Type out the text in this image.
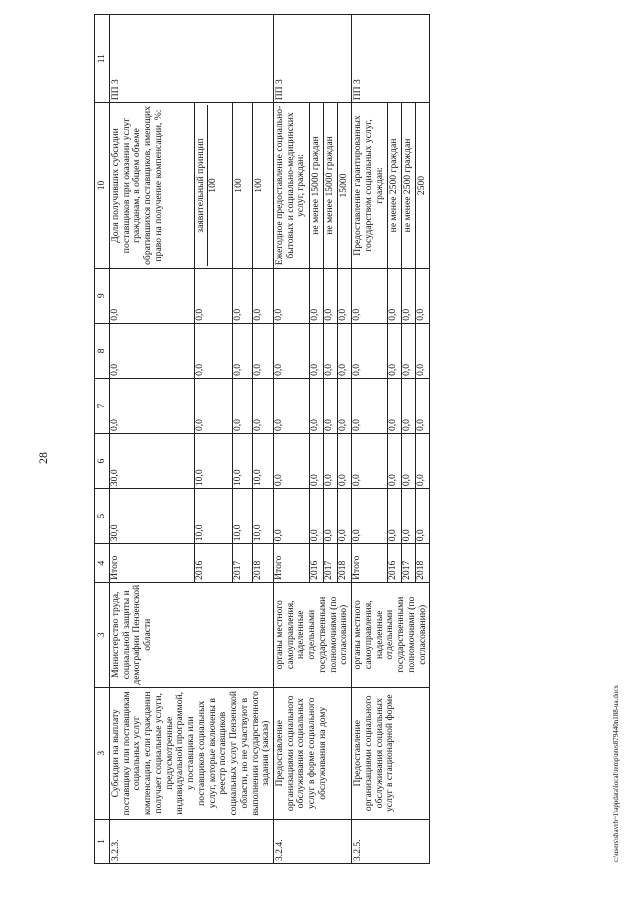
28
c:\users\shavrb~1\appdata\local\temp\ntes879440n188-ua.docx
1	3	3	4	5	6	7	8	9	10	11
3.2.3.	Субсидии на выплату поставщику или поставщикам социальных услуг компенсации, если гражданин получает социальные услуги, предусмотренные индивидуальной программой, у поставщика или поставщиков социальных услуг, которые включены в реестр поставщиков социальных услуг Пензенской области, но не участвуют в выполнении государственного задания (заказа)	Министерство труда, социальной защиты и демографии Пензенской области	Итого	30,0	30,0	0,0	0,0	0,0	Доля получивших субсидии поставщиков при оказании услуг гражданам, в общем объеме обратившихся поставщиков, имеющих право на получение компенсации, %:	ПП 3
			2016	10,0	10,0	0,0	0,0	0,0	заявительный принцип 100	

			2017	10,0	10,0	0,0	0,0	0,0	100	
			2018	10,0	10,0	0,0	0,0	0,0	100	
3.2.4.	Предоставление организациями социального обслуживания социальных услуг в форме социального обслуживания на дому	органы местного самоуправления, наделенные отдельными государственными полномочиями (по согласованию)	Итого	0,0	0,0	0,0	0,0	0,0	Ежегодное предоставление социально-бытовых и социально-медицинских услуг, граждан:	ПП 3
			2016	0,0	0,0	0,0	0,0	0,0	не менее 15000 граждан	
			2017	0,0	0,0	0,0	0,0	0,0	не менее 15000 граждан	
			2018	0,0	0,0	0,0	0,0	0,0	15000	
3.2.5.	Предоставление организациями социального обслуживания социальных услуг в стационарной форме	органы местного самоуправления, наделенные отдельными государственными полномочиями (по согласованию)	Итого	0,0	0,0	0,0	0,0	0,0	Предоставление гарантированных государством социальных услуг, граждан:	ПП 3
			2016	0,0	0,0	0,0	0,0	0,0	не менее 2500 граждан	
			2017	0,0	0,0	0,0	0,0	0,0	не менее 2500 граждан	
			2018	0,0	0,0	0,0	0,0	0,0	2500	
